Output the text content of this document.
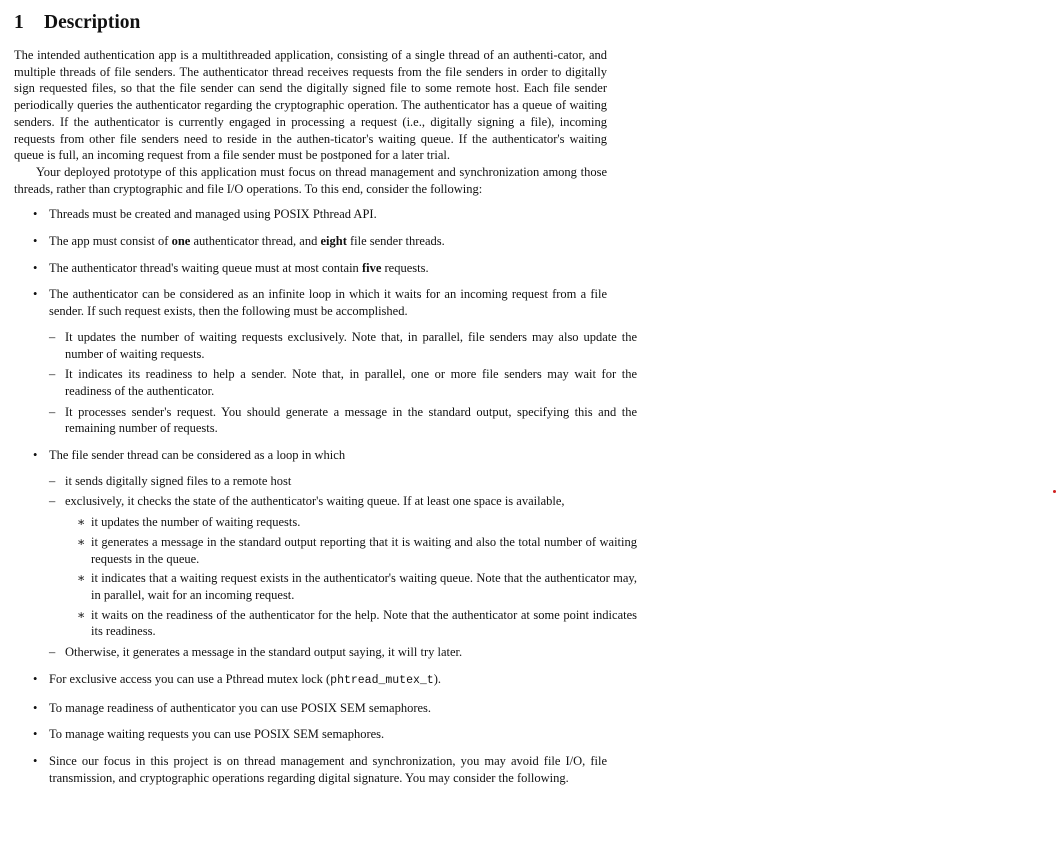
1 Description

The intended authentication app is a multithreaded application, consisting of a single thread of an authenti-cator, and multiple threads of file senders. The authenticator thread receives requests from the file senders in order to digitally sign requested files, so that the file sender can send the digitally signed file to some remote host. Each file sender periodically queries the authenticator regarding the cryptographic operation. The authenticator has a queue of waiting senders. If the authenticator is currently engaged in processing a request (i.e., digitally signing a file), incoming requests from other file senders need to reside in the authen-ticator's waiting queue. If the authenticator's waiting queue is full, an incoming request from a file sender must be postponed for a later trial.

Your deployed prototype of this application must focus on thread management and synchronization among those threads, rather than cryptographic and file I/O operations. To this end, consider the following:

• Threads must be created and managed using POSIX Pthread API.
• The app must consist of one authenticator thread, and eight file sender threads.
• The authenticator thread's waiting queue must at most contain five requests.
• The authenticator can be considered as an infinite loop in which it waits for an incoming request from a file sender. If such request exists, then the following must be accomplished.
– It updates the number of waiting requests exclusively. Note that, in parallel, file senders may also update the number of waiting requests.
– It indicates its readiness to help a sender. Note that, in parallel, one or more file senders may wait for the readiness of the authenticator.
– It processes sender's request. You should generate a message in the standard output, specifying this and the remaining number of requests.
• The file sender thread can be considered as a loop in which
– it sends digitally signed files to a remote host
– exclusively, it checks the state of the authenticator's waiting queue. If at least one space is available,
∗ it updates the number of waiting requests.
∗ it generates a message in the standard output reporting that it is waiting and also the total number of waiting requests in the queue.
∗ it indicates that a waiting request exists in the authenticator's waiting queue. Note that the authenticator may, in parallel, wait for an incoming request.
∗ it waits on the readiness of the authenticator for the help. Note that the authenticator at some point indicates its readiness.
– Otherwise, it generates a message in the standard output saying, it will try later.
• For exclusive access you can use a Pthread mutex lock (phtread_mutex_t).
• To manage readiness of authenticator you can use POSIX SEM semaphores.
• To manage waiting requests you can use POSIX SEM semaphores.
• Since our focus in this project is on thread management and synchronization, you may avoid file I/O, file transmission, and cryptographic operations regarding digital signature. You may consider the following.
